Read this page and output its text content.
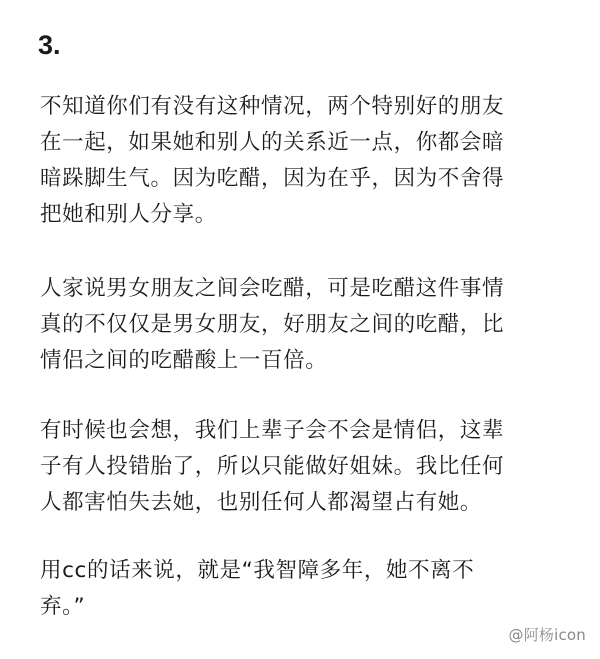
3.
不知道你们有没有这种情况，两个特别好的朋友
在一起，如果她和别人的关系近一点，你都会暗
暗跺脚生气。因为吃醋，因为在乎，因为不舍得
把她和别人分享。
人家说男女朋友之间会吃醋，可是吃醋这件事情
真的不仅仅是男女朋友，好朋友之间的吃醋，比
情侣之间的吃醋酸上一百倍。
有时候也会想，我们上辈子会不会是情侣，这辈
子有人投错胎了，所以只能做好姐妹。我比任何
人都害怕失去她，也别任何人都渴望占有她。
用cc的话来说，就是“我智障多年，她不离不
弃。”
@阿杨icon
